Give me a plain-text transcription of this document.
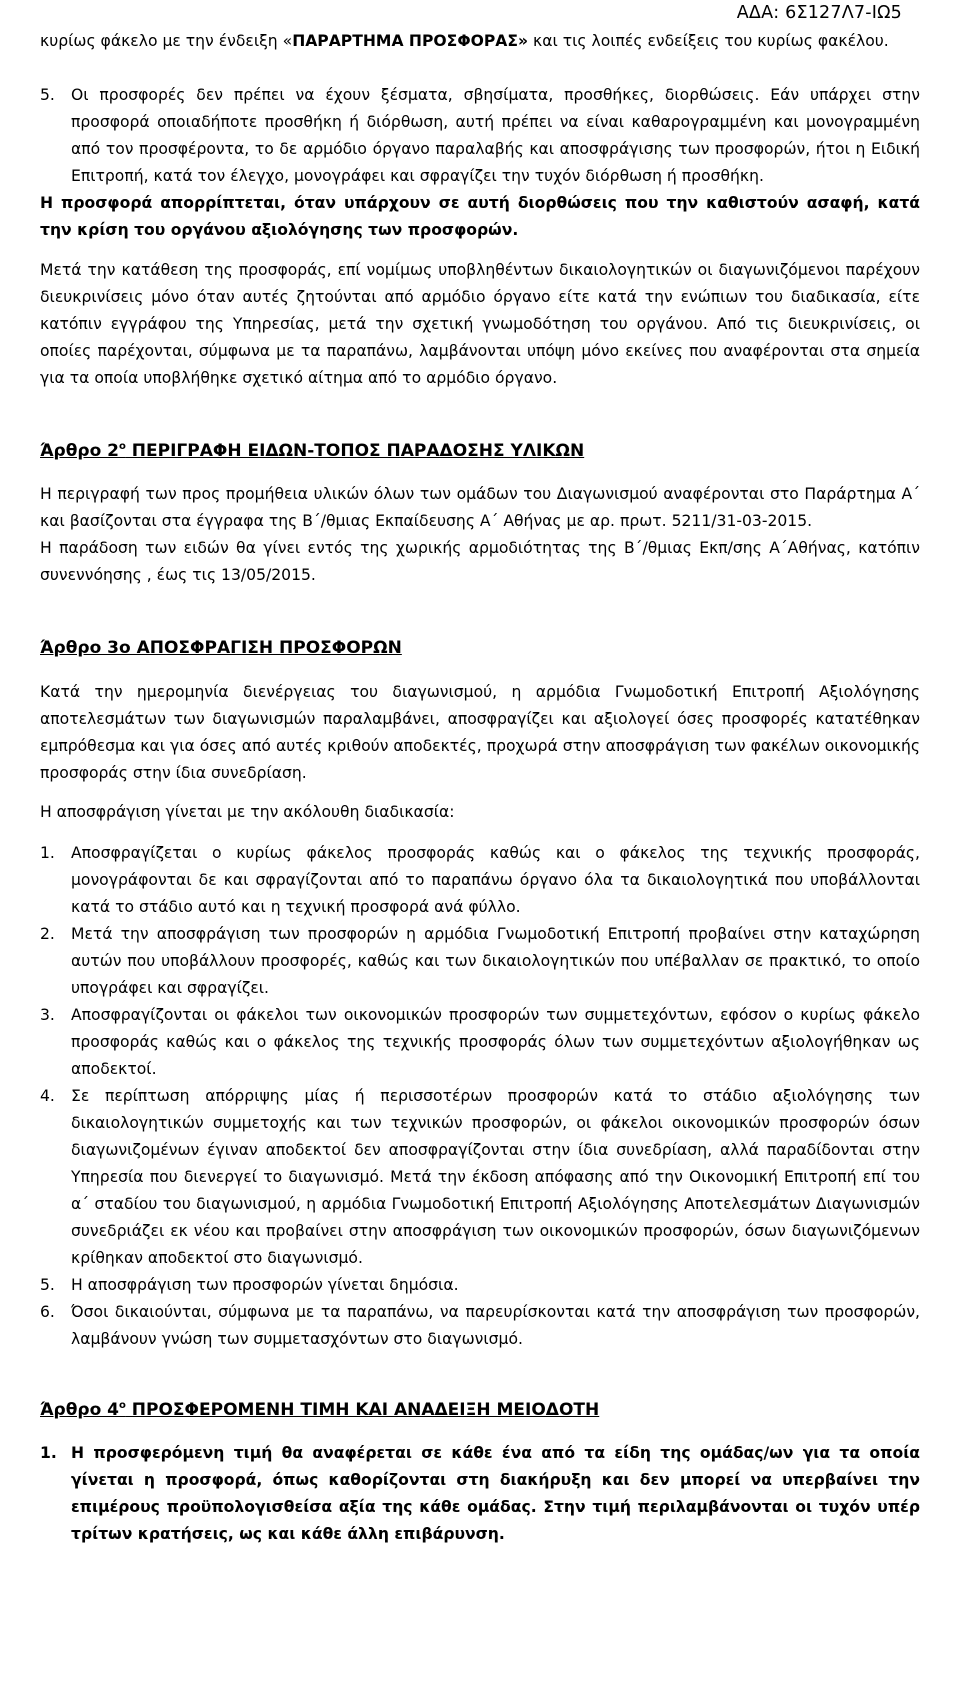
ΑΔΑ: 6Σ127Λ7-ΙΩ5

κυρίως φάκελο με την ένδειξη «ΠΑΡΑΡΤΗΜΑ ΠΡΟΣΦΟΡΑΣ» και τις λοιπές ενδείξεις του κυρίως φακέλου.

5. Οι προσφορές δεν πρέπει να έχουν ξέσματα, σβησίματα, προσθήκες, διορθώσεις. Εάν υπάρχει στην προσφορά οποιαδήποτε προσθήκη ή διόρθωση, αυτή πρέπει να είναι καθαρογραμμένη και μονογραμμένη από τον προσφέροντα, το δε αρμόδιο όργανο παραλαβής και αποσφράγισης των προσφορών, ήτοι η Ειδική Επιτροπή, κατά τον έλεγχο, μονογράφει και σφραγίζει την τυχόν διόρθωση ή προσθήκη.

Η προσφορά απορρίπτεται, όταν υπάρχουν σε αυτή διορθώσεις που την καθιστούν ασαφή, κατά την κρίση του οργάνου αξιολόγησης των προσφορών.

Μετά την κατάθεση της προσφοράς, επί νομίμως υποβληθέντων δικαιολογητικών οι διαγωνιζόμενοι παρέχουν διευκρινίσεις μόνο όταν αυτές ζητούνται από αρμόδιο όργανο είτε κατά την ενώπιων του διαδικασία, είτε κατόπιν εγγράφου της Υπηρεσίας, μετά την σχετική γνωμοδότηση του οργάνου. Από τις διευκρινίσεις, οι οποίες παρέχονται, σύμφωνα με τα παραπάνω, λαμβάνονται υπόψη μόνο εκείνες που αναφέρονται στα σημεία για τα οποία υποβλήθηκε σχετικό αίτημα από το αρμόδιο όργανο.

Άρθρο $2^o$ ΠΕΡΙΓΡΑΦΗ ΕΙΔΩΝ-ΤΟΠΟΣ ΠΑΡΑΔΟΣΗΣ ΥΛΙΚΩΝ

Η περιγραφή των προς προμήθεια υλικών όλων των ομάδων του Διαγωνισμού αναφέρονται στο Παράρτημα Α΄ και βασίζονται στα έγγραφα της Β΄/θμιας Εκπαίδευσης Α΄ Αθήνας με αρ. πρωτ. 5211/31-03-2015.

Η παράδοση των ειδών θα γίνει εντός της χωρικής αρμοδιότητας της Β΄/θμιας Εκπ/σης Α΄Αθήνας, κατόπιν συνεννόησης , έως τις 13/05/2015.

Άρθρο 3ο ΑΠΟΣΦΡΑΓΙΣΗ ΠΡΟΣΦΟΡΩΝ

Κατά την ημερομηνία διενέργειας του διαγωνισμού, η αρμόδια Γνωμοδοτική Επιτροπή Αξιολόγησης αποτελεσμάτων των διαγωνισμών παραλαμβάνει, αποσφραγίζει και αξιολογεί όσες προσφορές κατατέθηκαν εμπρόθεσμα και για όσες από αυτές κριθούν αποδεκτές, προχωρά στην αποσφράγιση των φακέλων οικονομικής προσφοράς στην ίδια συνεδρίαση.

Η αποσφράγιση γίνεται με την ακόλουθη διαδικασία:

1. Αποσφραγίζεται ο κυρίως φάκελος προσφοράς καθώς και ο φάκελος της τεχνικής προσφοράς, μονογράφονται δε και σφραγίζονται από το παραπάνω όργανο όλα τα δικαιολογητικά που υποβάλλονται κατά το στάδιο αυτό και η τεχνική προσφορά ανά φύλλο.
2. Μετά την αποσφράγιση των προσφορών η αρμόδια Γνωμοδοτική Επιτροπή προβαίνει στην καταχώρηση αυτών που υποβάλλουν προσφορές, καθώς και των δικαιολογητικών που υπέβαλλαν σε πρακτικό, το οποίο υπογράφει και σφραγίζει.
3. Αποσφραγίζονται οι φάκελοι των οικονομικών προσφορών των συμμετεχόντων, εφόσον ο κυρίως φάκελο προσφοράς καθώς και ο φάκελος της τεχνικής προσφοράς όλων των συμμετεχόντων αξιολογήθηκαν ως αποδεκτοί.
4. Σε περίπτωση απόρριψης μίας ή περισσοτέρων προσφορών κατά το στάδιο αξιολόγησης των δικαιολογητικών συμμετοχής και των τεχνικών προσφορών, οι φάκελοι οικονομικών προσφορών όσων διαγωνιζομένων έγιναν αποδεκτοί δεν αποσφραγίζονται στην ίδια συνεδρίαση, αλλά παραδίδονται στην Υπηρεσία που διενεργεί το διαγωνισμό. Μετά την έκδοση απόφασης από την Οικονομική Επιτροπή επί του α΄ σταδίου του διαγωνισμού, η αρμόδια Γνωμοδοτική Επιτροπή Αξιολόγησης Αποτελεσμάτων Διαγωνισμών συνεδριάζει εκ νέου και προβαίνει στην αποσφράγιση των οικονομικών προσφορών, όσων διαγωνιζόμενων κρίθηκαν αποδεκτοί στο διαγωνισμό.
5. Η αποσφράγιση των προσφορών γίνεται δημόσια.
6. Όσοι δικαιούνται, σύμφωνα με τα παραπάνω, να παρευρίσκονται κατά την αποσφράγιση των προσφορών, λαμβάνουν γνώση των συμμετασχόντων στο διαγωνισμό.

Άρθρο $4^o$ ΠΡΟΣΦΕΡΟΜΕΝΗ ΤΙΜΗ ΚΑΙ ΑΝΑΔΕΙΞΗ ΜΕΙΟΔΟΤΗ

1. Η προσφερόμενη τιμή θα αναφέρεται σε κάθε ένα από τα είδη της ομάδας/ων για τα οποία γίνεται η προσφορά, όπως καθορίζονται στη διακήρυξη και δεν μπορεί να υπερβαίνει την επιμέρους προϋπολογισθείσα αξία της κάθε ομάδας. Στην τιμή περιλαμβάνονται οι τυχόν υπέρ τρίτων κρατήσεις, ως και κάθε άλλη επιβάρυνση.
